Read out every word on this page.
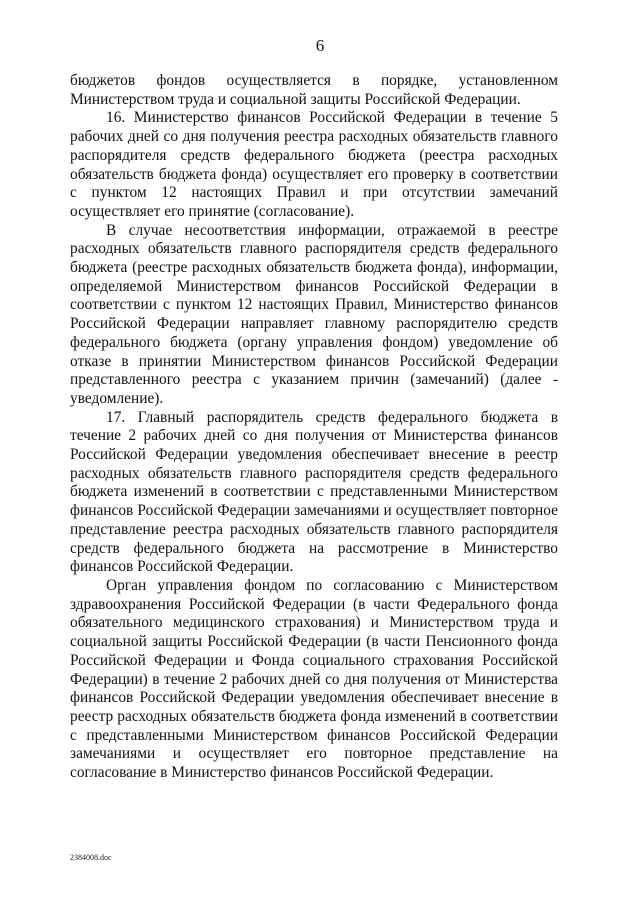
6

бюджетов фондов осуществляется в порядке, установленном Министерством труда и социальной защиты Российской Федерации.

16. Министерство финансов Российской Федерации в течение 5 рабочих дней со дня получения реестра расходных обязательств главного распорядителя средств федерального бюджета (реестра расходных обязательств бюджета фонда) осуществляет его проверку в соответствии с пунктом 12 настоящих Правил и при отсутствии замечаний осуществляет его принятие (согласование).

В случае несоответствия информации, отражаемой в реестре расходных обязательств главного распорядителя средств федерального бюджета (реестре расходных обязательств бюджета фонда), информации, определяемой Министерством финансов Российской Федерации в соответствии с пунктом 12 настоящих Правил, Министерство финансов Российской Федерации направляет главному распорядителю средств федерального бюджета (органу управления фондом) уведомление об отказе в принятии Министерством финансов Российской Федерации представленного реестра с указанием причин (замечаний) (далее - уведомление).

17. Главный распорядитель средств федерального бюджета в течение 2 рабочих дней со дня получения от Министерства финансов Российской Федерации уведомления обеспечивает внесение в реестр расходных обязательств главного распорядителя средств федерального бюджета изменений в соответствии с представленными Министерством финансов Российской Федерации замечаниями и осуществляет повторное представление реестра расходных обязательств главного распорядителя средств федерального бюджета на рассмотрение в Министерство финансов Российской Федерации.

Орган управления фондом по согласованию с Министерством здравоохранения Российской Федерации (в части Федерального фонда обязательного медицинского страхования) и Министерством труда и социальной защиты Российской Федерации (в части Пенсионного фонда Российской Федерации и Фонда социального страхования Российской Федерации) в течение 2 рабочих дней со дня получения от Министерства финансов Российской Федерации уведомления обеспечивает внесение в реестр расходных обязательств бюджета фонда изменений в соответствии с представленными Министерством финансов Российской Федерации замечаниями и осуществляет его повторное представление на согласование в Министерство финансов Российской Федерации.

2384008.doc
